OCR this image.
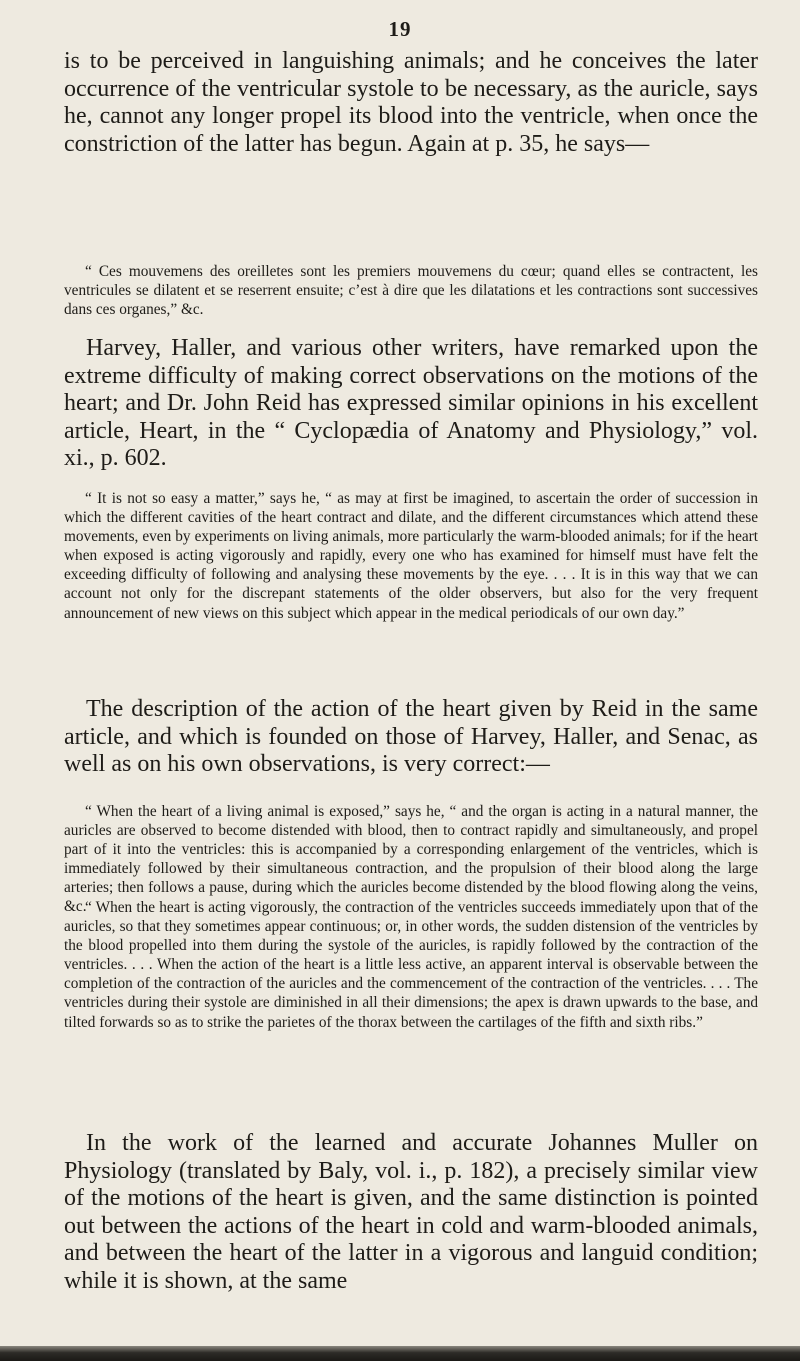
19

is to be perceived in languishing animals; and he conceives the later occurrence of the ventricular systole to be necessary, as the auricle, says he, cannot any longer propel its blood into the ventricle, when once the constriction of the latter has begun. Again at p. 35, he says—

“ Ces mouvemens des oreilletes sont les premiers mouvemens du cœur; quand elles se contractent, les ventricules se dilatent et se reserrent ensuite; c’est à dire que les dilatations et les contractions sont successives dans ces organes,” &c.

Harvey, Haller, and various other writers, have remarked upon the extreme difficulty of making correct observations on the motions of the heart; and Dr. John Reid has expressed similar opinions in his excellent article, Heart, in the “ Cyclopædia of Anatomy and Physiology,” vol. xi., p. 602.

“ It is not so easy a matter,” says he, “ as may at first be imagined, to ascertain the order of succession in which the different cavities of the heart contract and dilate, and the different circumstances which attend these movements, even by experiments on living animals, more particularly the warm-blooded animals; for if the heart when exposed is acting vigorously and rapidly, every one who has examined for himself must have felt the exceeding difficulty of following and analysing these movements by the eye. . . . It is in this way that we can account not only for the discrepant statements of the older observers, but also for the very frequent announcement of new views on this subject which appear in the medical periodicals of our own day.”

The description of the action of the heart given by Reid in the same article, and which is founded on those of Harvey, Haller, and Senac, as well as on his own observations, is very correct:—

“ When the heart of a living animal is exposed,” says he, “ and the organ is acting in a natural manner, the auricles are observed to become distended with blood, then to contract rapidly and simultaneously, and propel part of it into the ventricles: this is accompanied by a corresponding enlargement of the ventricles, which is immediately followed by their simultaneous contraction, and the propulsion of their blood along the large arteries; then follows a pause, during which the auricles become distended by the blood flowing along the veins, &c.

“ When the heart is acting vigorously, the contraction of the ventricles succeeds immediately upon that of the auricles, so that they sometimes appear continuous; or, in other words, the sudden distension of the ventricles by the blood propelled into them during the systole of the auricles, is rapidly followed by the contraction of the ventricles. . . . When the action of the heart is a little less active, an apparent interval is observable between the completion of the contraction of the auricles and the commencement of the contraction of the ventricles. . . . The ventricles during their systole are diminished in all their dimensions; the apex is drawn upwards to the base, and tilted forwards so as to strike the parietes of the thorax between the cartilages of the fifth and sixth ribs.”

In the work of the learned and accurate Johannes Muller on Physiology (translated by Baly, vol. i., p. 182), a precisely similar view of the motions of the heart is given, and the same distinction is pointed out between the actions of the heart in cold and warm-blooded animals, and between the heart of the latter in a vigorous and languid condition; while it is shown, at the same
